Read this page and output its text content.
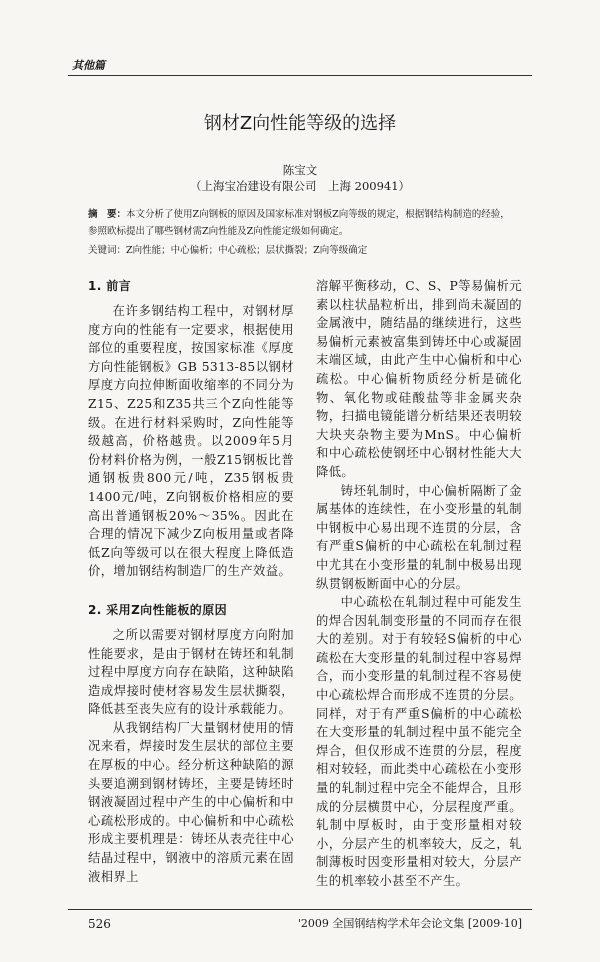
其他篇
钢材Z向性能等级的选择
陈宝文
（上海宝冶建设有限公司　上海 200941）
摘　要：本文分析了使用Z向钢板的原因及国家标准对钢板Z向等级的规定，根据钢结构制造的经验，参照欧标提出了哪些钢材需Z向性能及Z向性能定级如何确定。
关键词：Z向性能；中心偏析；中心疏松；层状撕裂；Z向等级确定
1. 前言

在许多钢结构工程中，对钢材厚度方向的性能有一定要求，根据使用部位的重要程度，按国家标准《厚度方向性能钢板》GB 5313-85以钢材厚度方向拉伸断面收缩率的不同分为Z15、Z25和Z35共三个Z向性能等级。在进行材料采购时，Z向性能等级越高，价格越贵。以2009年5月份材料价格为例，一般Z15钢板比普通钢板贵800元/吨，Z35钢板贵1400元/吨，Z向钢板价格相应的要高出普通钢板20%～35%。因此在合理的情况下减少Z向板用量或者降低Z向等级可以在很大程度上降低造价，增加钢结构制造厂的生产效益。

2. 采用Z向性能板的原因

之所以需要对钢材厚度方向附加性能要求，是由于钢材在铸坯和轧制过程中厚度方向存在缺陷，这种缺陷造成焊接时使材容易发生层状撕裂，降低甚至丧失应有的设计承载能力。

从我钢结构厂大量钢材使用的情况来看，焊接时发生层状的部位主要在厚板的中心。经分析这种缺陷的源头要追溯到钢材铸坯，主要是铸坯时钢液凝固过程中产生的中心偏析和中心疏松形成的。中心偏析和中心疏松形成主要机理是：铸坯从表壳往中心结晶过程中，钢液中的溶质元素在固液相界上

溶解平衡移动，C、S、P等易偏析元素以柱状晶粒析出，排到尚未凝固的金属液中，随结晶的继续进行，这些易偏析元素被富集到铸坯中心或凝固末端区域，由此产生中心偏析和中心疏松。中心偏析物质经分析是硫化物、氧化物或硅酸盐等非金属夹杂物，扫描电镜能谱分析结果还表明较大块夹杂物主要为MnS。中心偏析和中心疏松使钢坯中心钢材性能大大降低。

铸坯轧制时，中心偏析隔断了金属基体的连续性，在小变形量的轧制中钢板中心易出现不连贯的分层，含有严重S偏析的中心疏松在轧制过程中尤其在小变形量的轧制中极易出现纵贯钢板断面中心的分层。

中心疏松在轧制过程中可能发生的焊合因轧制变形量的不同而存在很大的差别。对于有较轻S偏析的中心疏松在大变形量的轧制过程中容易焊合，而小变形量的轧制过程不容易使中心疏松焊合而形成不连贯的分层。同样，对于有严重S偏析的中心疏松在大变形量的轧制过程中虽不能完全焊合，但仅形成不连贯的分层，程度相对较轻，而此类中心疏松在小变形量的轧制过程中完全不能焊合，且形成的分层横贯中心，分层程度严重。轧制中厚板时，由于变形量相对较小，分层产生的机率较大，反之，轧制薄板时因变形量相对较大，分层产生的机率较小甚至不产生。

526	'2009 全国钢结构学术年会论文集 [2009·10]
